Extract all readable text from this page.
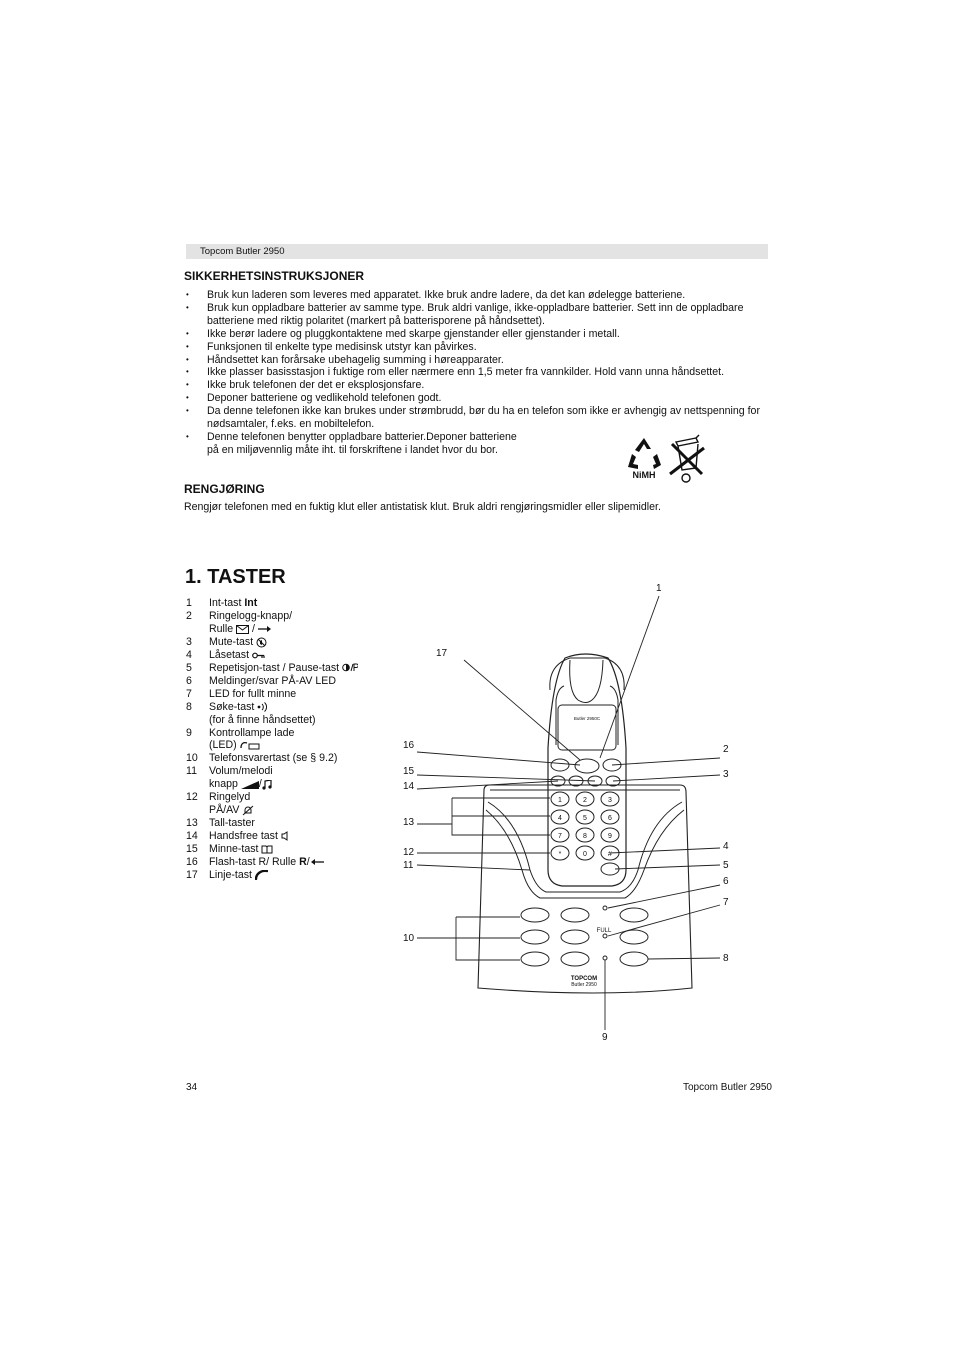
Topcom Butler 2950
SIKKERHETSINSTRUKSJONER
• Bruk kun laderen som leveres med apparatet. Ikke bruk andre ladere, da det kan ødelegge batteriene.
• Bruk kun oppladbare batterier av samme type. Bruk aldri vanlige, ikke-oppladbare batterier. Sett inn de oppladbare batteriene med riktig polaritet (markert på batterisporene på håndsettet).
• Ikke berør ladere og pluggkontaktene med skarpe gjenstander eller gjenstander i metall.
• Funksjonen til enkelte type medisinsk utstyr kan påvirkes.
• Håndsettet kan forårsake ubehagelig summing i høreapparater.
• Ikke plasser basisstasjon i fuktige rom eller nærmere enn 1,5 meter fra vannkilder. Hold vann unna håndsettet.
• Ikke bruk telefonen der det er eksplosjonsfare.
• Deponer batteriene og vedlikehold telefonen godt.
• Da denne telefonen ikke kan brukes under strømbrudd, bør du ha en telefon som ikke er avhengig av nettspenning for nødsamtaler, f.eks. en mobiltelefon.
• Denne telefonen benytter oppladbare batterier.Deponer batteriene
på en miljøvennlig måte iht. til forskriftene i landet hvor du bor.
NiMH
RENGJØRING

Rengjør telefonen med en fuktig klut eller antistatisk klut. Bruk aldri rengjøringsmidler eller slipemidler.

1. TASTER
1 Int-tast Int
2 Ringelogg-knapp/
Rulle  /
3 Mute-tast
4 Låsetast
5 Repetisjon-tast / Pause-tast
6 Meldinger/svar PÅ-AV LED
7 LED for fullt minne
8 Søke-tast
(for å finne håndsettet)
9 Kontrollampe lade
(LED)
10 Telefonsvarertast (se § 9.2)
11 Volum/melodi
knapp /
12 Ringelyd
PÅ/AV
13 Tall-taster
14 Handsfree tast
15 Minne-tast
16 Flash-tast R/ Rulle R/
17 Linje-tast
1	2	3
4	5	6
7	8	9
*	0	#
Butler 2950C
FULL
TOPCOM
Butler 2950
1
17
16	2
15	3
14
13
4
12
5
11
6
7
10
8
9
34	Topcom Butler 2950
